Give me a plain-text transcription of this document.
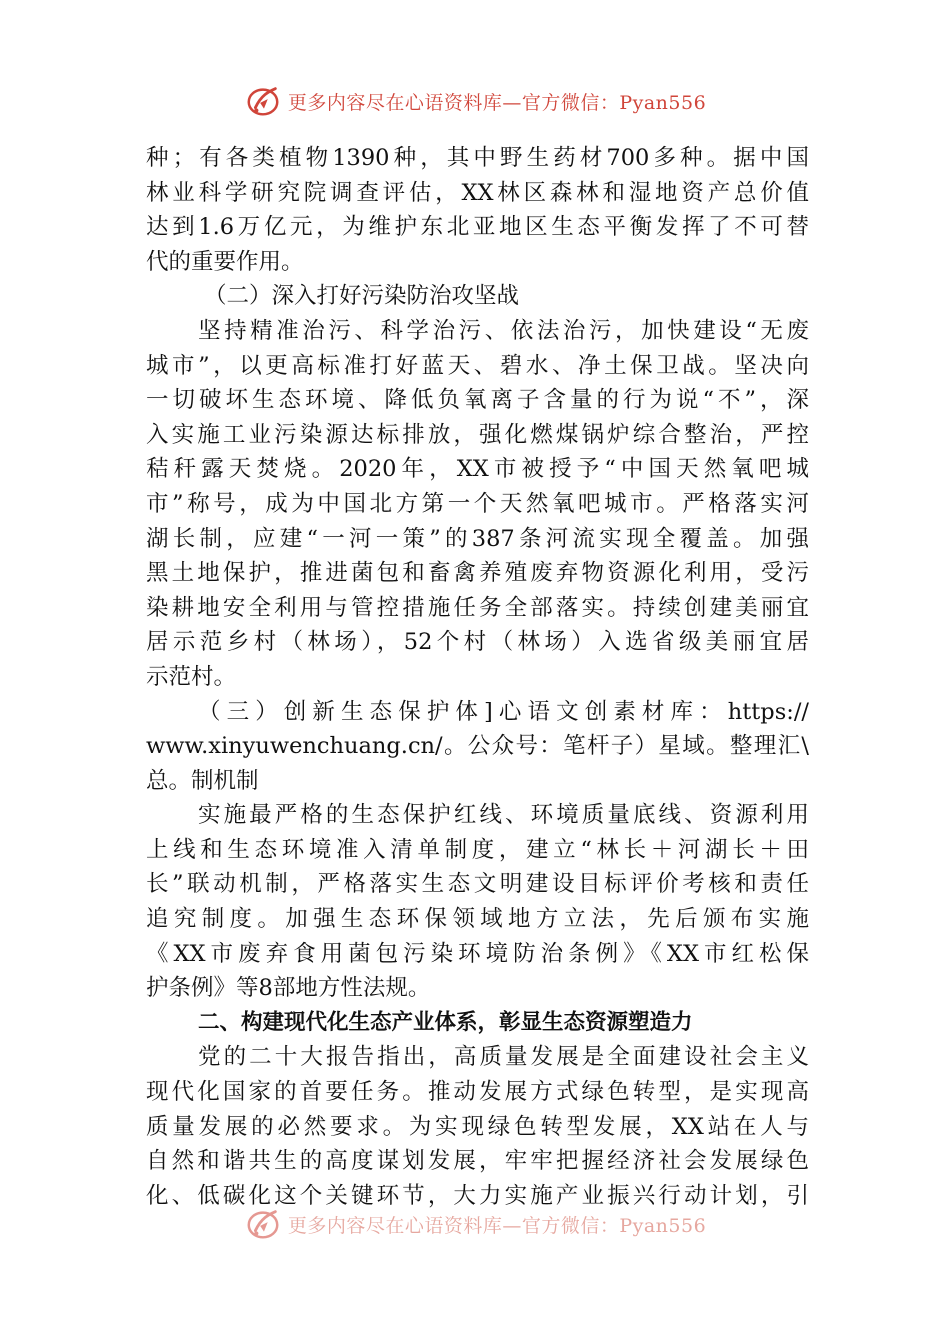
更多内容尽在心语资料库—官方微信：Pyan556
种；有各类植物1390种，其中野生药材700多种。据中国
林业科学研究院调查评估，XX林区森林和湿地资产总价值
达到1.6万亿元，为维护东北亚地区生态平衡发挥了不可替
代的重要作用。
（二）深入打好污染防治攻坚战
坚持精准治污、科学治污、依法治污，加快建设“无废
城市”，以更高标准打好蓝天、碧水、净土保卫战。坚决向
一切破坏生态环境、降低负氧离子含量的行为说“不”，深
入实施工业污染源达标排放，强化燃煤锅炉综合整治，严控
秸秆露天焚烧。2020年，XX市被授予“中国天然氧吧城
市”称号，成为中国北方第一个天然氧吧城市。严格落实河
湖长制，应建“一河一策”的387条河流实现全覆盖。加强
黑土地保护，推进菌包和畜禽养殖废弃物资源化利用，受污
染耕地安全利用与管控措施任务全部落实。持续创建美丽宜
居示范乡村（林场），52个村（林场）入选省级美丽宜居
示范村。
（三）创新生态保护体]心语文创素材库：https://
www.xinyuwenchuang.cn/。公众号：笔杆子）星域。整理汇\
总。制机制
实施最严格的生态保护红线、环境质量底线、资源利用
上线和生态环境准入清单制度，建立“林长＋河湖长＋田
长”联动机制，严格落实生态文明建设目标评价考核和责任
追究制度。加强生态环保领域地方立法，先后颁布实施
《XX市废弃食用菌包污染环境防治条例》《XX市红松保
护条例》等8部地方性法规。
二、构建现代化生态产业体系，彰显生态资源塑造力
党的二十大报告指出，高质量发展是全面建设社会主义
现代化国家的首要任务。推动发展方式绿色转型，是实现高
质量发展的必然要求。为实现绿色转型发展，XX站在人与
自然和谐共生的高度谋划发展，牢牢把握经济社会发展绿色
化、低碳化这个关键环节，大力实施产业振兴行动计划，引
更多内容尽在心语资料库—官方微信：Pyan556
